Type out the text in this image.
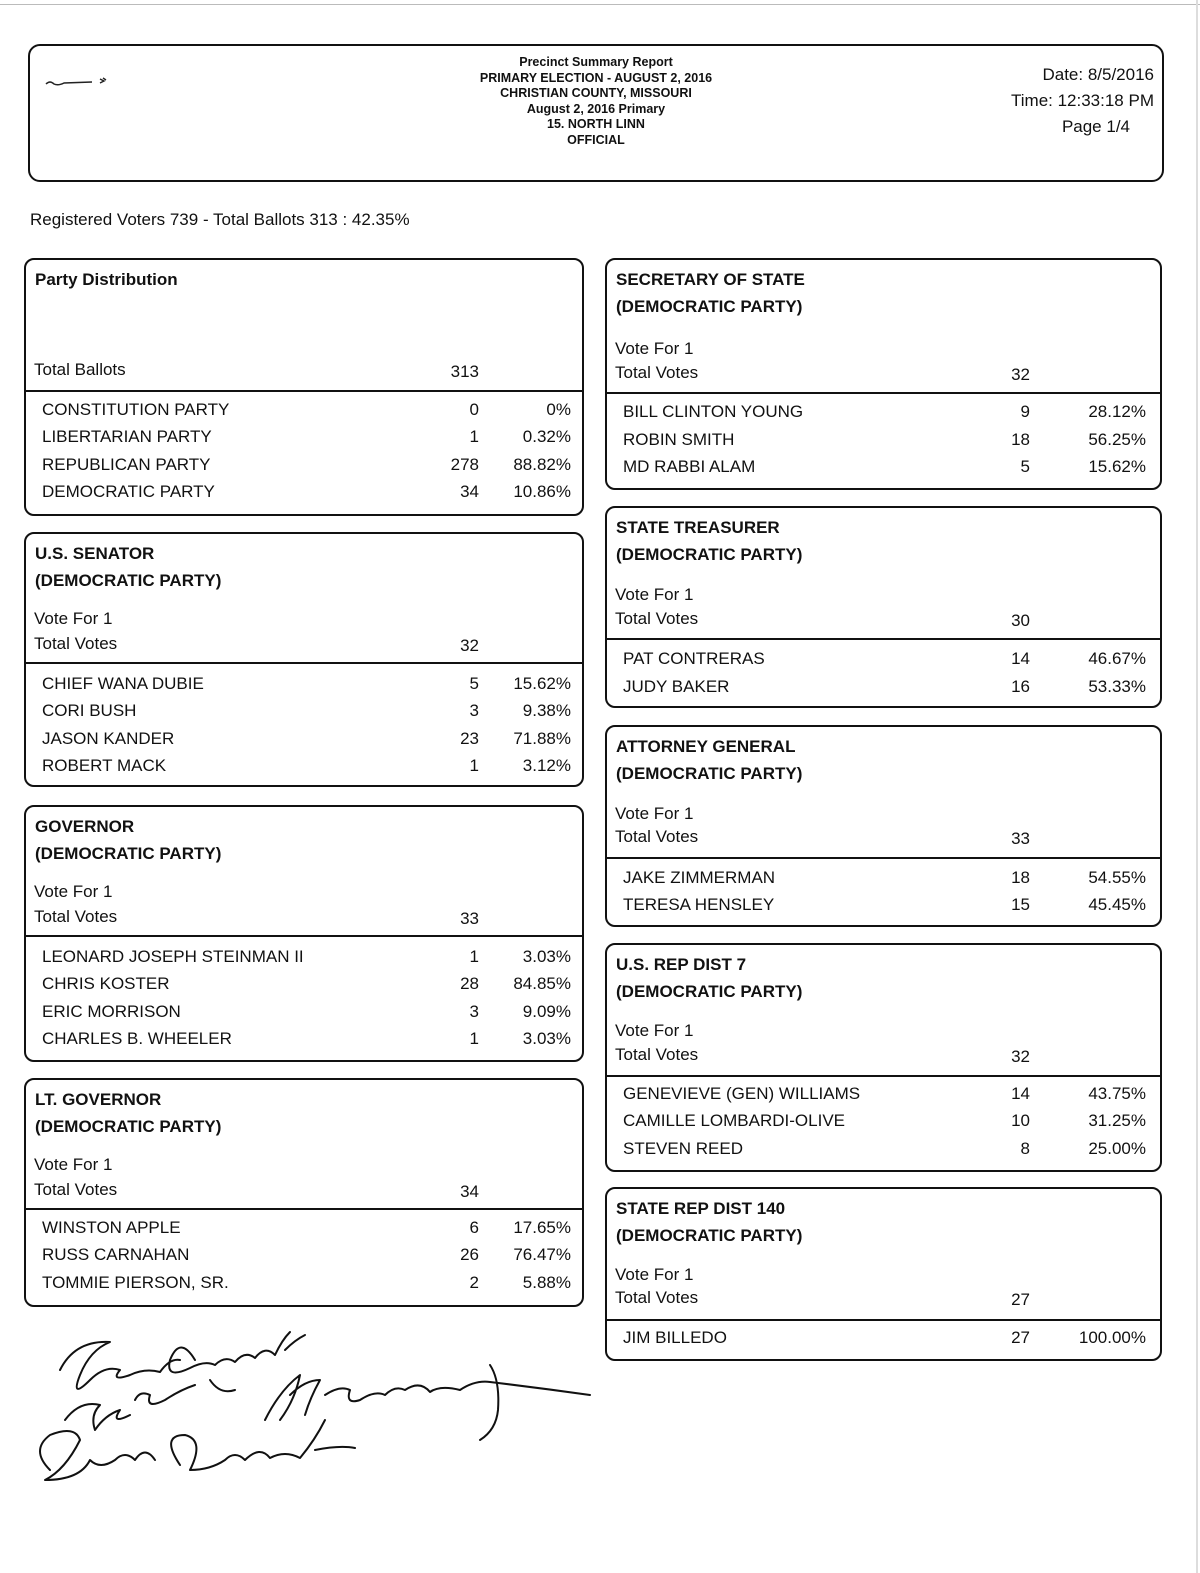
Precinct Summary Report
PRIMARY ELECTION - AUGUST 2, 2016
CHRISTIAN COUNTY, MISSOURI
August 2, 2016 Primary
15. NORTH LINN
OFFICIAL
Date: 8/5/2016
Time: 12:33:18 PM
Page 1/4
Registered Voters 739 - Total Ballots 313 : 42.35%
Party Distribution
Total Ballots	313
CONSTITUTION PARTY	0	0%
LIBERTARIAN PARTY	1	0.32%
REPUBLICAN PARTY	278	88.82%
DEMOCRATIC PARTY	34	10.86%
U.S. SENATOR
(DEMOCRATIC PARTY)
Vote For 1
Total Votes	32
CHIEF WANA DUBIE	5	15.62%
CORI BUSH	3	9.38%
JASON KANDER	23	71.88%
ROBERT MACK	1	3.12%
GOVERNOR
(DEMOCRATIC PARTY)
Vote For 1
Total Votes	33
LEONARD JOSEPH STEINMAN II	1	3.03%
CHRIS KOSTER	28	84.85%
ERIC MORRISON	3	9.09%
CHARLES B. WHEELER	1	3.03%
LT. GOVERNOR
(DEMOCRATIC PARTY)
Vote For 1
Total Votes	34
WINSTON APPLE	6	17.65%
RUSS CARNAHAN	26	76.47%
TOMMIE PIERSON, SR.	2	5.88%
SECRETARY OF STATE
(DEMOCRATIC PARTY)
Vote For 1
Total Votes	32
BILL CLINTON YOUNG	9	28.12%
ROBIN SMITH	18	56.25%
MD RABBI ALAM	5	15.62%
STATE TREASURER
(DEMOCRATIC PARTY)
Vote For 1
Total Votes	30
PAT CONTRERAS	14	46.67%
JUDY BAKER	16	53.33%
ATTORNEY GENERAL
(DEMOCRATIC PARTY)
Vote For 1
Total Votes	33
JAKE ZIMMERMAN	18	54.55%
TERESA HENSLEY	15	45.45%
U.S. REP DIST 7
(DEMOCRATIC PARTY)
Vote For 1
Total Votes	32
GENEVIEVE (GEN) WILLIAMS	14	43.75%
CAMILLE LOMBARDI-OLIVE	10	31.25%
STEVEN REED	8	25.00%
STATE REP DIST 140
(DEMOCRATIC PARTY)
Vote For 1
Total Votes	27
JIM BILLEDO	27	100.00%
